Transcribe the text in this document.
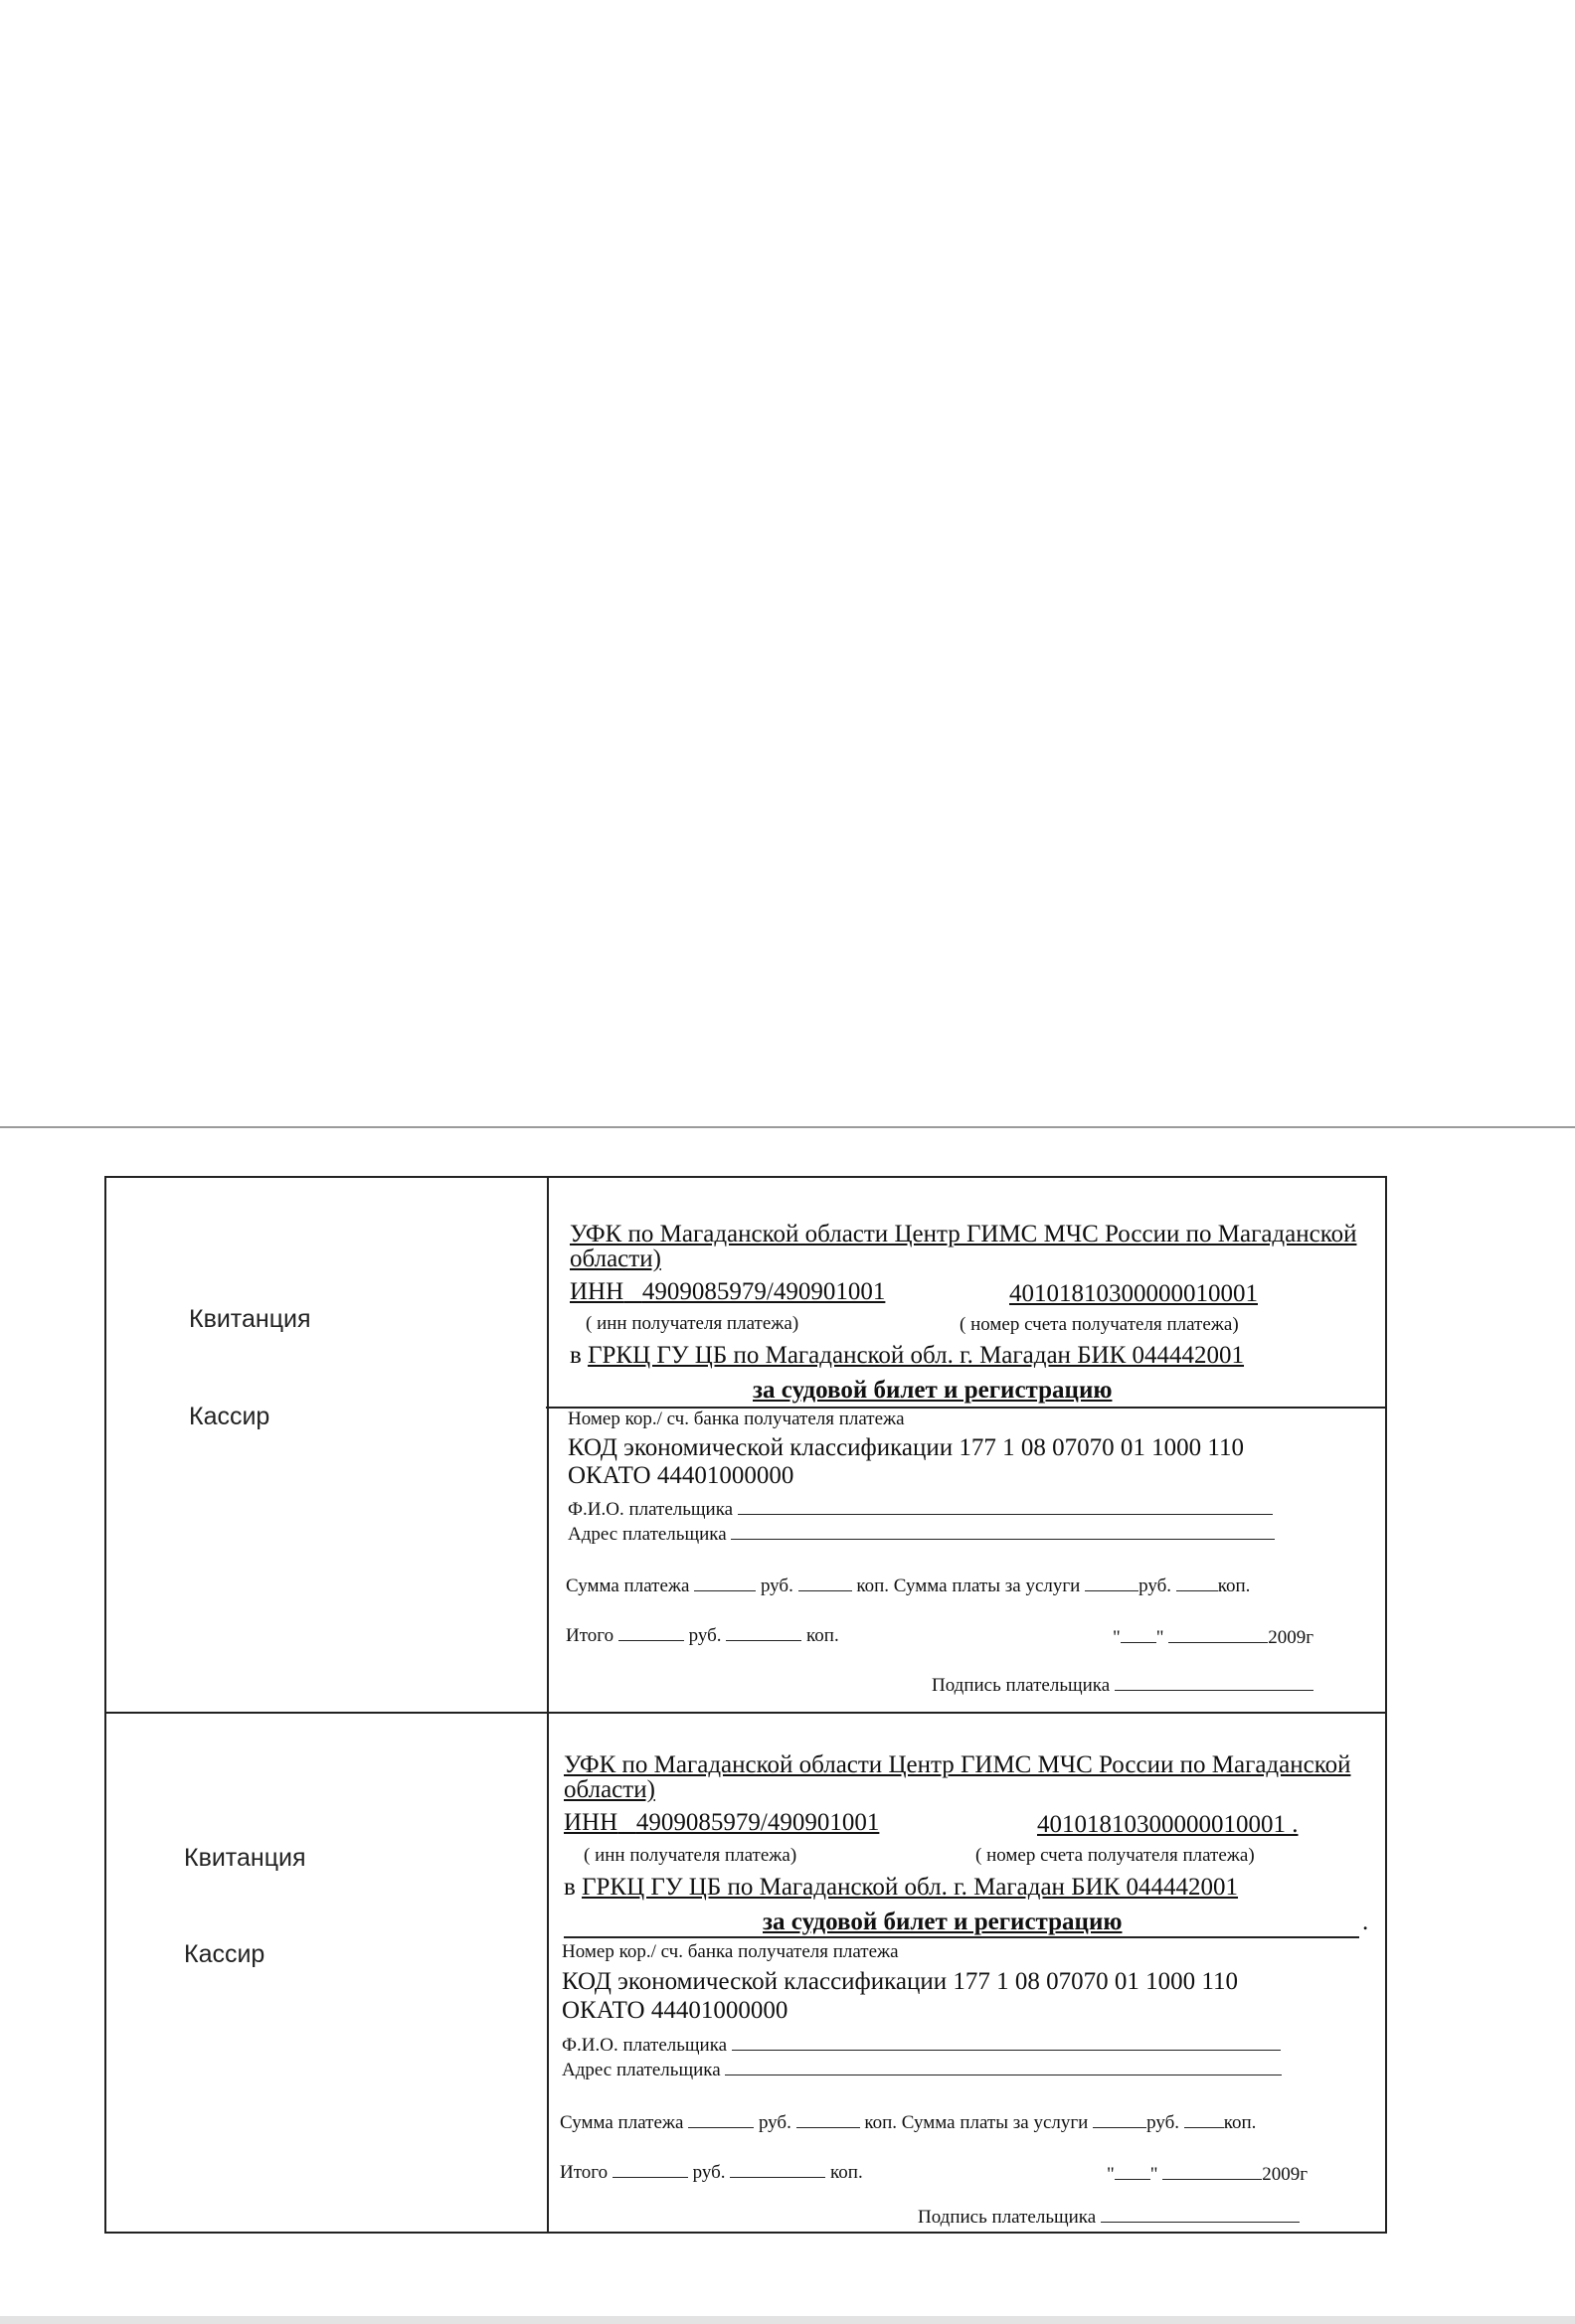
Квитанция
Кассир
УФК по Магаданской области Центр ГИМС МЧС России по Магаданской
области)
ИНН 4909085979/490901001	40101810300000010001
( инн получателя платежа)	( номер счета получателя платежа)
в ГРКЦ ГУ ЦБ по Магаданской обл. г. Магадан БИК 044442001
за судовой билет и регистрацию
Номер кор./ сч. банка получателя платежа
КОД экономической классификации 177 1 08 07070 01 1000 110
ОКАТО 44401000000
Ф.И.О. плательщика
Адрес плательщика
Сумма платежа	руб.	коп. Сумма платы за услуги	руб. коп.
Итого	руб.	коп.	" "	2009г
Подпись плательщика
Квитанция
Кассир
УФК по Магаданской области Центр ГИМС МЧС России по Магаданской
области)
ИНН 4909085979/490901001	40101810300000010001 .
( инн получателя платежа)	( номер счета получателя платежа)
в ГРКЦ ГУ ЦБ по Магаданской обл. г. Магадан БИК 044442001
за судовой билет и регистрацию	.
Номер кор./ сч. банка получателя платежа
КОД экономической классификации 177 1 08 07070 01 1000 110
ОКАТО 44401000000
Ф.И.О. плательщика
Адрес плательщика
Сумма платежа	руб.	коп. Сумма платы за услуги	руб. коп.
Итого	руб.	коп.	" "	2009г
Подпись плательщика
